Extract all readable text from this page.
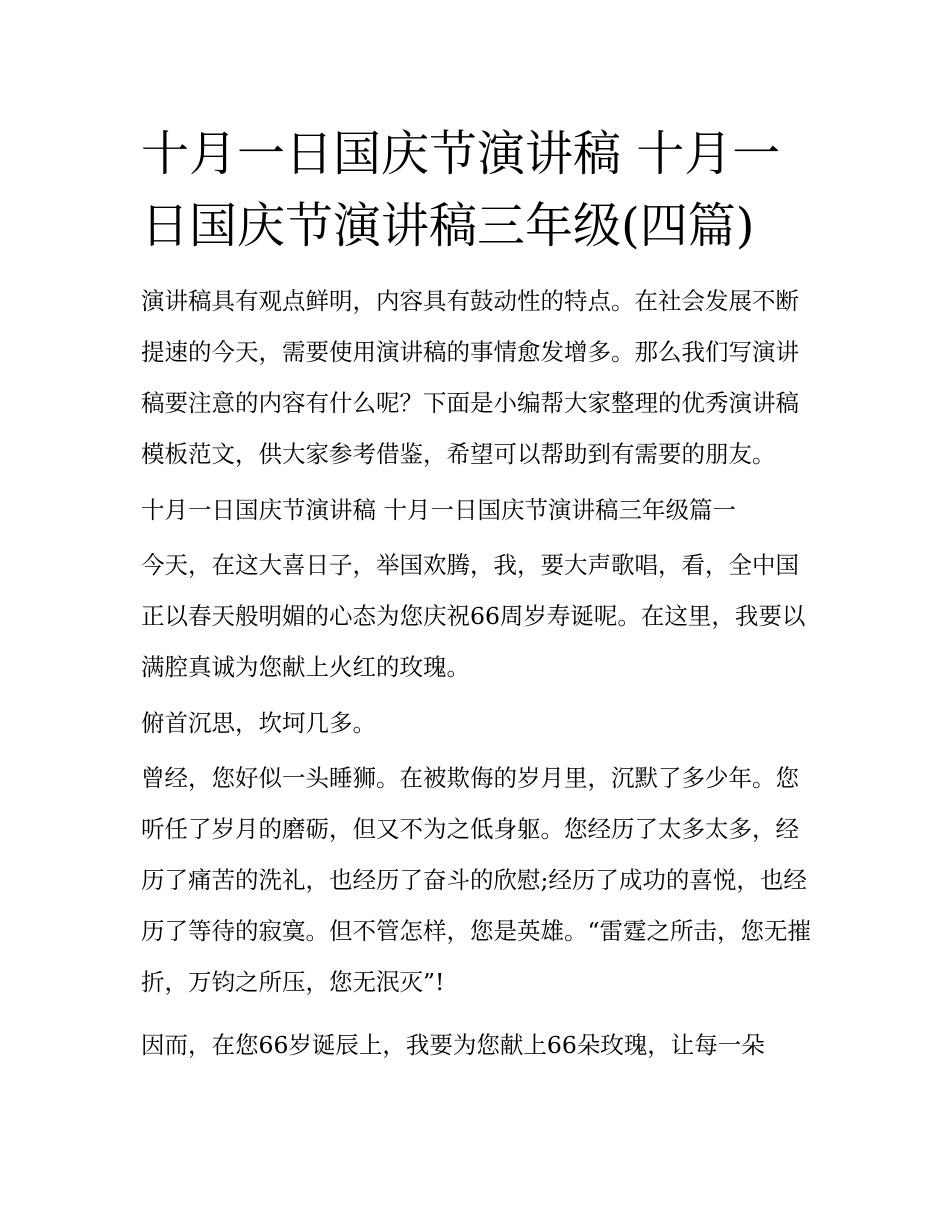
十月一日国庆节演讲稿 十月一日国庆节演讲稿三年级(四篇)

演讲稿具有观点鲜明，内容具有鼓动性的特点。在社会发展不断提速的今天，需要使用演讲稿的事情愈发增多。那么我们写演讲稿要注意的内容有什么呢？下面是小编帮大家整理的优秀演讲稿模板范文，供大家参考借鉴，希望可以帮助到有需要的朋友。

十月一日国庆节演讲稿 十月一日国庆节演讲稿三年级篇一

今天，在这大喜日子，举国欢腾，我，要大声歌唱，看，全中国正以春天般明媚的心态为您庆祝66周岁寿诞呢。在这里，我要以满腔真诚为您献上火红的玫瑰。

俯首沉思，坎坷几多。

曾经，您好似一头睡狮。在被欺侮的岁月里，沉默了多少年。您听任了岁月的磨砺，但又不为之低身躯。您经历了太多太多，经历了痛苦的洗礼，也经历了奋斗的欣慰;经历了成功的喜悦，也经历了等待的寂寞。但不管怎样，您是英雄。“雷霆之所击，您无摧折，万钧之所压，您无泯灭”!

因而，在您66岁诞辰上，我要为您献上66朵玫瑰，让每一朵
